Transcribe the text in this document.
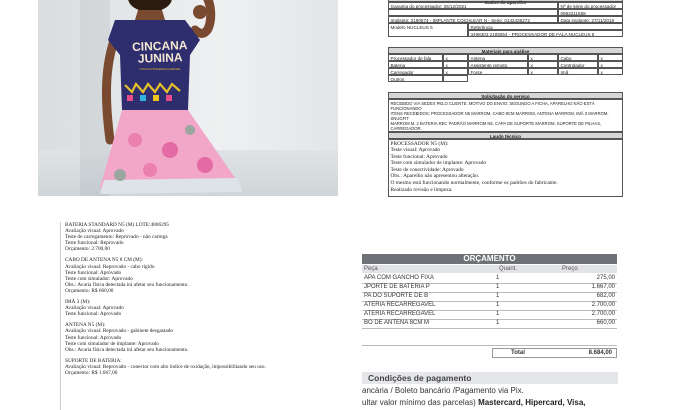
CINCANA
JUNINA
COLA FOTOGRAFIA AARNAE
Dados do aparelho
Garantia do processador: 26/12/2021	Nº de série do processador
0983211658
Implante: 2190574 - IMPLANTE COCHLEAR N - Serie: 0142436272	Data implante: 27/11/2018
Modelo NUCLEUS 5	Referência
3498303 2185554 - PROCESSADOR DE FALA NUCLEUS 5
Materiais para análise
Processador de fala	x	Antena	x	Cabo	x
Bateria	x	Assistente remoto	x	Controlador	x
Carregador	x	Fonte	x	Imã	x
Outros
Solicitação do serviço
RECEBIDO VIA SEDEX PELO CLIENTE. MOTIVO DO ENVIO: SEGUNDO A FICHA, APARELHO NÃO ESTÁ FUNCIONANDO
ITENS RECEBIDOS: PROCESSADOR N5 MARROM, CABO 8CM MARROM, ANTENA MARROM, IMÃ 3 MARROM, SNUGFIT
MARROM M, 2 BATERIA REC PADRÃO MARROM N5, CAPA DE SUPORTE MARROM, SUPORTE DE PILHAS,
CARREGADOR.
Laudo técnico
PROCESSADOR N5 (M):
Teste visual: Aprovado
Teste funcional: Aprovado
Teste com simulador de implante: Aprovado
Teste de conectividade: Aprovado
Obs.: Aparelho não apresentou alteração.
O mesmo está funcionando normalmente, conforme os padrões do fabricante.
Realizado revisão e limpeza.
BATERIA STANDARD N5 (M) LOTE:4806295
Avaliação visual: Aprovado
Teste de carregamento: Reprovado - não carrega
Teste funcional: Reprovado
Orçamento: 2.700,00
CABO DE ANTENA N5 8 CM (M):
Avaliação visual: Reprovado - cabo rígido
Teste funcional: Aprovado
Teste com simulador: Aprovado
Obs.: Avaria física detectada irá afetar seu funcionamento.
Orçamento: R$ 660,00
IMÃ 3 (M):
Avaliação visual: Aprovado
Teste funcional: Aprovado
ANTENA N5 (M):
Avaliação visual: Reprovado - gabinete desgastado
Teste funcional: Aprovado
Teste com simulador de implante: Aprovado
Obs.: Avaria física detectada irá afetar seu funcionamento.
SUPORTE DE BATERIA:
Avaliação visual: Reprovado - conector com alto índice de oxidação, impossibilitando seu uso.
Orçamento: R$ 1.667,00
ORÇAMENTO
Peça	Quant.	Preço
APA COM GANCHO FIXA	1	275,00
JPORTE DE BATERIA P	1	1.667,00
PA DO SUPORTE DE B	1	682,00
ATERIA RECARREGAVEL	1	2.700,00
ATERIA RECARREGAVEL	1	2.700,00
BO DE ANTENA 8CM M	1	660,00
Total	8.684,00
Condições de pagamento
ancária / Boleto bancário /Pagamento via Pix.
ultar valor mínimo das parcelas) Mastercard, Hipercard, Visa,
